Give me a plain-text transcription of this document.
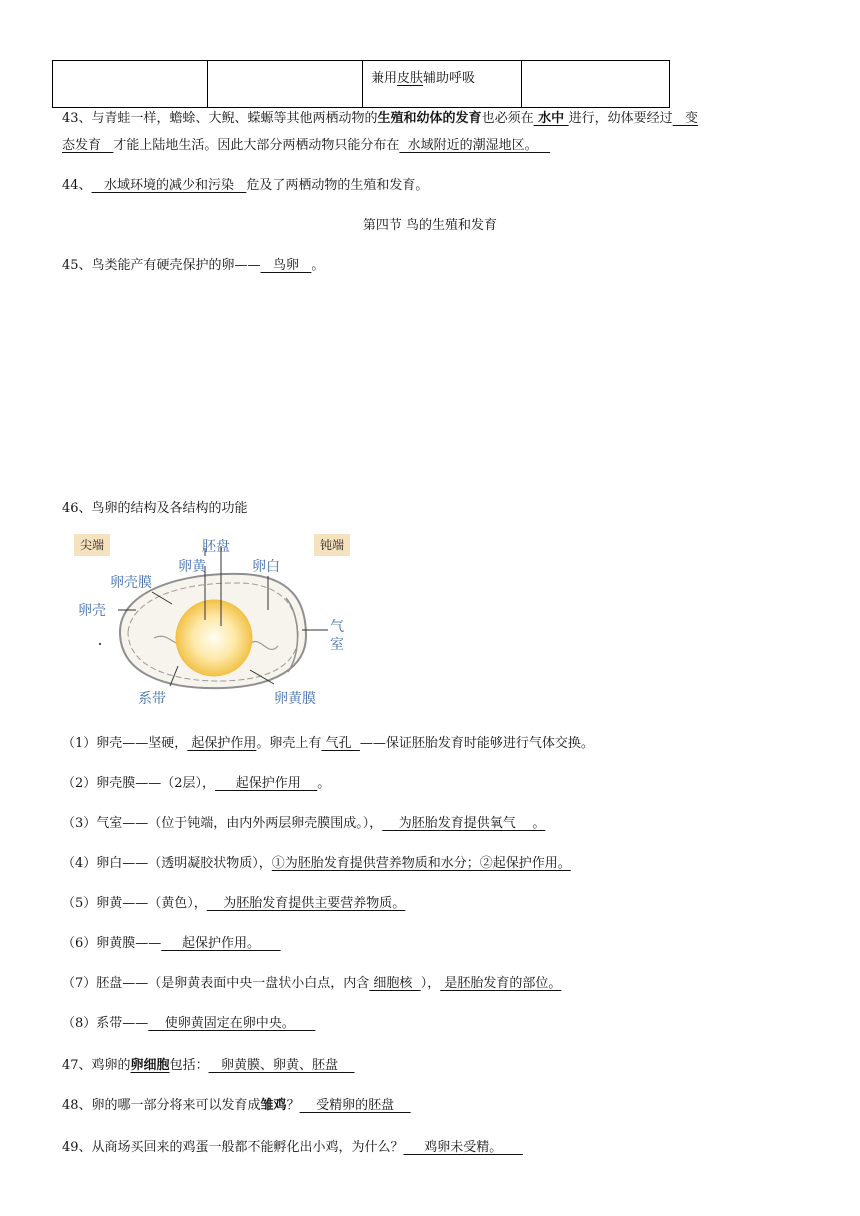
		兼用皮肤辅助呼吸	
43、与青蛙一样，蟾蜍、大鲵、蝾螈等其他两栖动物的生殖和幼体的发育也必须在 水中 进行，幼体要经过   变
态发育   才能上陆地生活。因此大部分两栖动物只能分布在  水域附近的潮湿地区。
44、   水域环境的减少和污染   危及了两栖动物的生殖和发育。
第四节 鸟的生殖和发育
45、鸟类能产有硬壳保护的卵——   鸟卵   。
46、鸟卵的结构及各结构的功能
尖端	钝端
胚盘
卵黄	卵白
卵壳膜
卵壳
气室
系带	卵黄膜
（1）卵壳——坚硬， 起保护作用。卵壳上有 气孔  ——保证胚胎发育时能够进行气体交换。
（2）卵壳膜——（2层），     起保护作用    。
（3）气室——（位于钝端，由内外两层卵壳膜围成。），    为胚胎发育提供氧气    。
（4）卵白——（透明凝胶状物质），①为胚胎发育提供营养物质和水分；②起保护作用。
（5）卵黄——（黄色），    为胚胎发育提供主要营养物质。
（6）卵黄膜——     起保护作用。
（7）胚盘——（是卵黄表面中央一盘状小白点，内含 细胞核  ）， 是胚胎发育的部位。
（8）系带——    使卵黄固定在卵中央。
47、鸡卵的卵细胞包括：   卵黄膜、卵黄、胚盘
48、卵的哪一部分将来可以发育成雏鸡？    受精卵的胚盘
49、从商场买回来的鸡蛋一般都不能孵化出小鸡，为什么？     鸡卵未受精。
